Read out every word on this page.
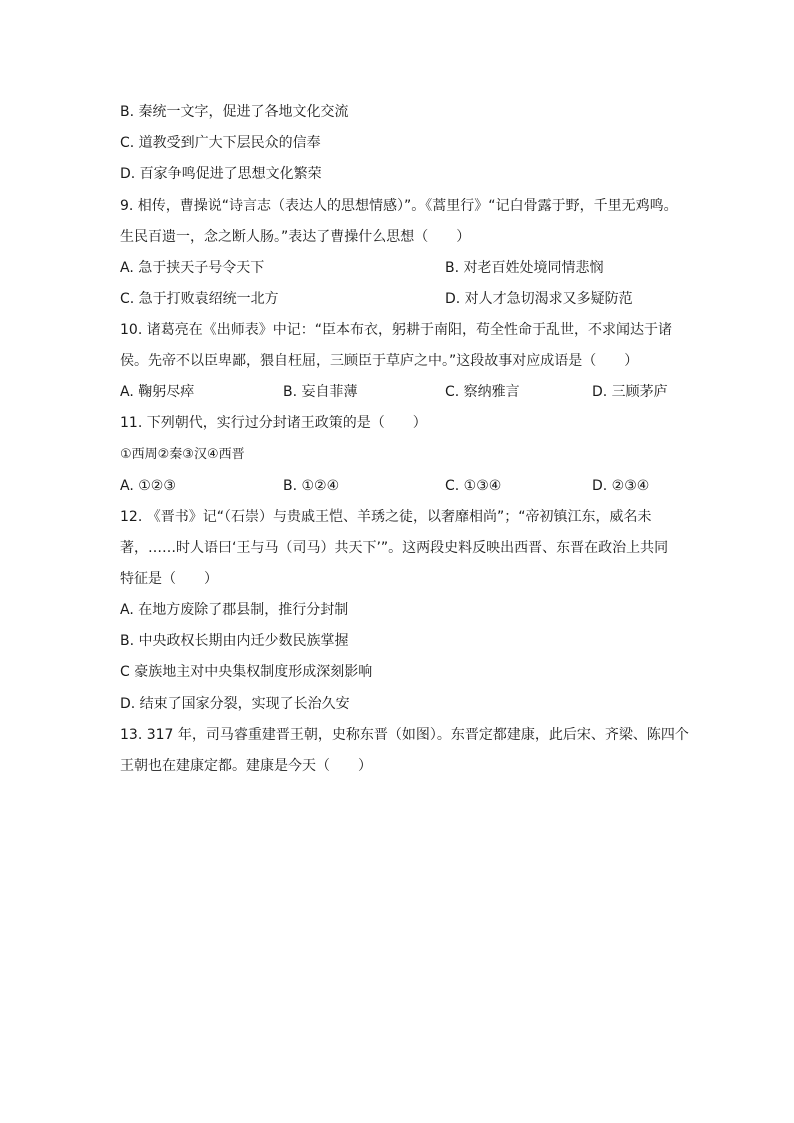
B. 秦统一文字，促进了各地文化交流
C. 道教受到广大下层民众的信奉
D. 百家争鸣促进了思想文化繁荣
9. 相传，曹操说“诗言志（表达人的思想情感）”。《蒿里行》“记白骨露于野，千里无鸡鸣。
生民百遗一，念之断人肠。”表达了曹操什么思想（　　）
A. 急于挟天子号令天下	B. 对老百姓处境同情悲悯
C. 急于打败袁绍统一北方	D. 对人才急切渴求又多疑防范
10. 诸葛亮在《出师表》中记：“臣本布衣，躬耕于南阳，苟全性命于乱世，不求闻达于诸
侯。先帝不以臣卑鄙，猥自枉屈，三顾臣于草庐之中。”这段故事对应成语是（　　）
A. 鞠躬尽瘁	B. 妄自菲薄	C. 察纳雅言	D. 三顾茅庐
11. 下列朝代，实行过分封诸王政策的是（　　）
①西周②秦③汉④西晋
A. ①②③	B. ①②④	C. ①③④	D. ②③④
12. 《晋书》记“（石崇）与贵戚王恺、羊琇之徒，以奢靡相尚”；“帝初镇江东，威名未
著，……时人语曰‘王与马（司马）共天下’”。这两段史料反映出西晋、东晋在政治上共同
特征是（　　）
A. 在地方废除了郡县制，推行分封制
B. 中央政权长期由内迁少数民族掌握
C 豪族地主对中央集权制度形成深刻影响
D. 结束了国家分裂，实现了长治久安
13. 317 年，司马睿重建晋王朝，史称东晋（如图）。东晋定都建康，此后宋、齐梁、陈四个
王朝也在建康定都。建康是今天（　　）
